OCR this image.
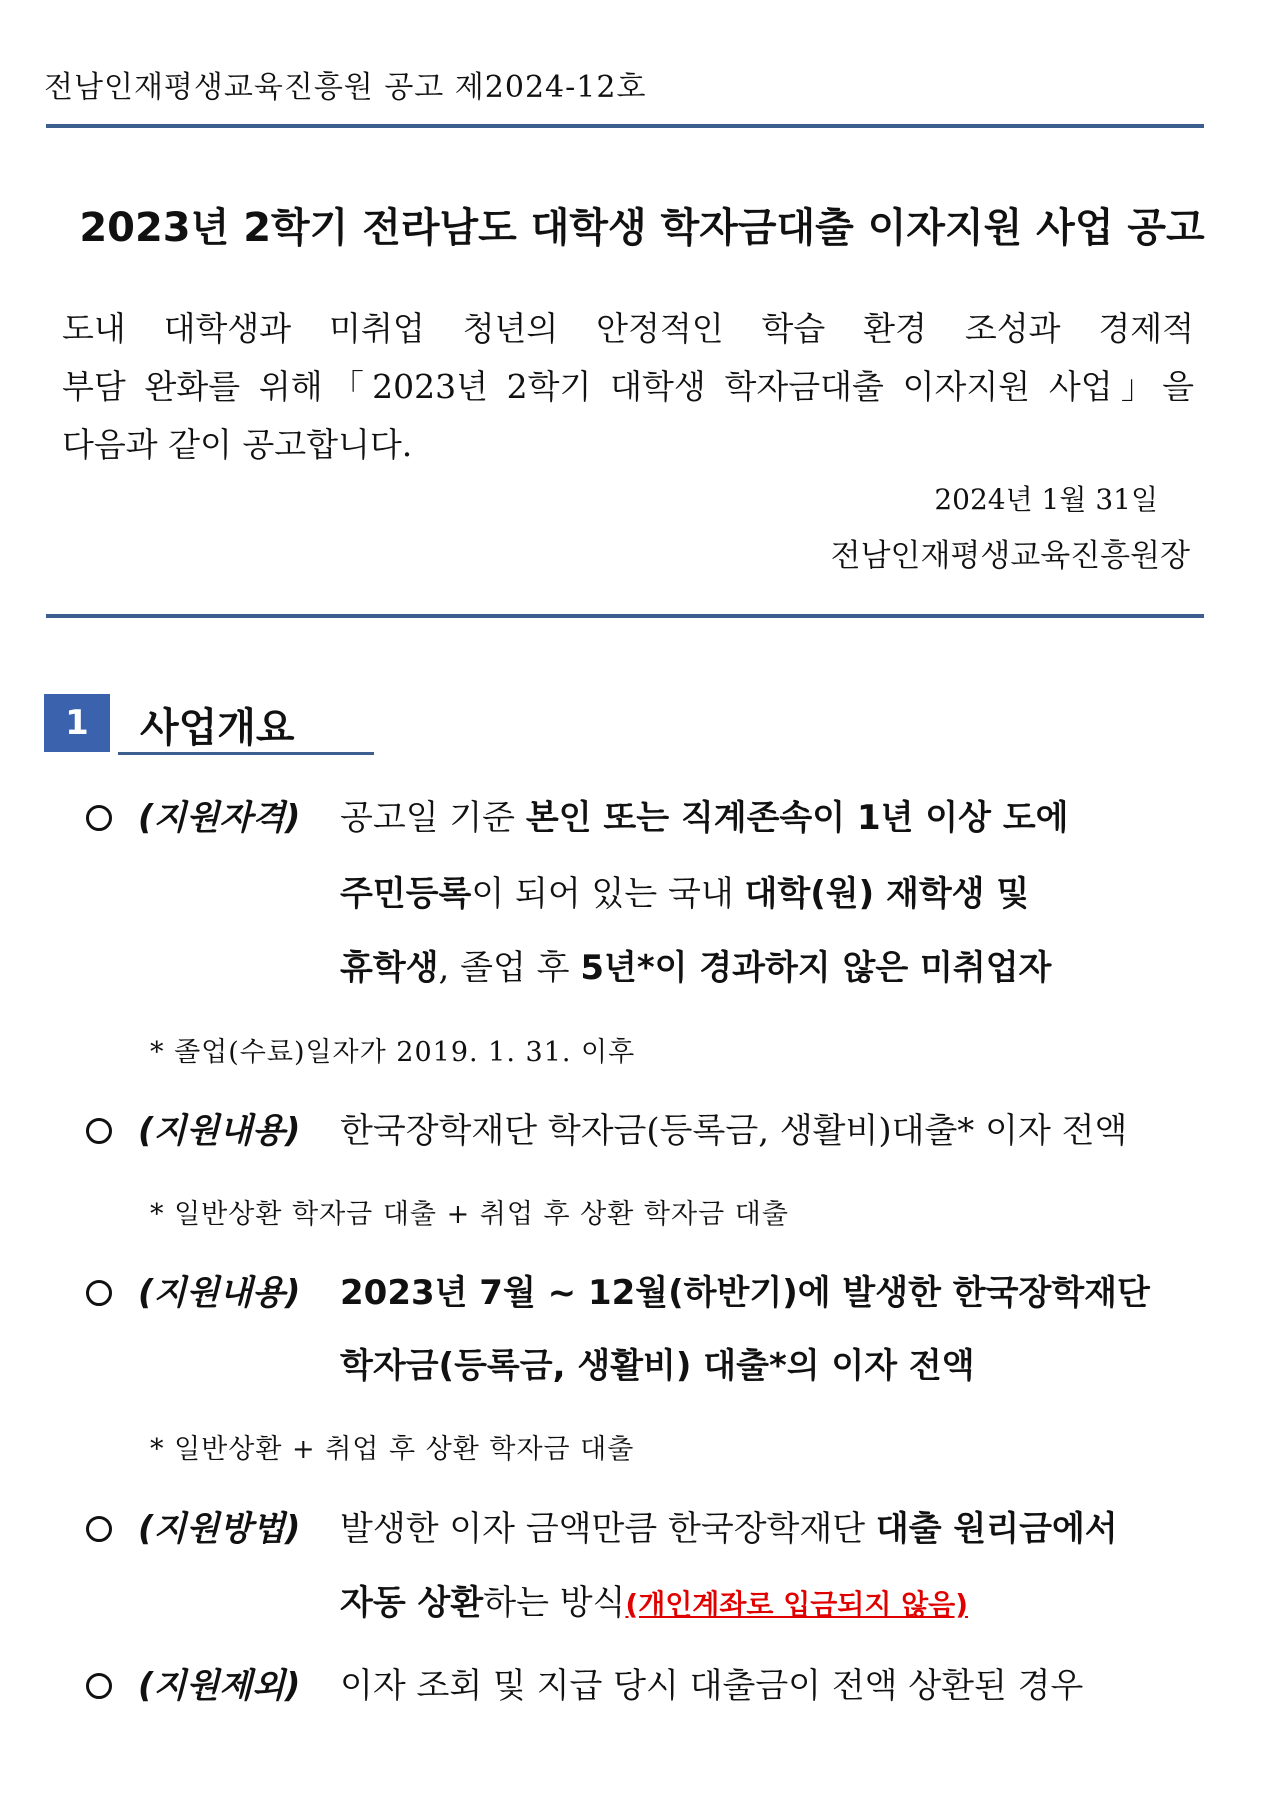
전남인재평생교육진흥원 공고 제2024-12호
2023년 2학기 전라남도 대학생 학자금대출 이자지원 사업 공고
도내 대학생과 미취업 청년의 안정적인 학습 환경 조성과 경제적
부담 완화를 위해「2023년 2학기 대학생 학자금대출 이자지원 사업」을
다음과 같이 공고합니다.
2024년 1월 31일
전남인재평생교육진흥원장
1	사업개요
(지원자격) 공고일 기준 본인 또는 직계존속이 1년 이상 도에
주민등록이 되어 있는 국내 대학(원) 재학생 및
휴학생, 졸업 후 5년*이 경과하지 않은 미취업자
* 졸업(수료)일자가 2019. 1. 31. 이후
(지원내용) 한국장학재단 학자금(등록금, 생활비)대출* 이자 전액
* 일반상환 학자금 대출 + 취업 후 상환 학자금 대출
(지원내용) 2023년 7월 ~ 12월(하반기)에 발생한 한국장학재단
학자금(등록금, 생활비) 대출*의 이자 전액
* 일반상환 + 취업 후 상환 학자금 대출
(지원방법) 발생한 이자 금액만큼 한국장학재단 대출 원리금에서
자동 상환하는 방식(개인계좌로 입금되지 않음)
(지원제외) 이자 조회 및 지급 당시 대출금이 전액 상환된 경우
